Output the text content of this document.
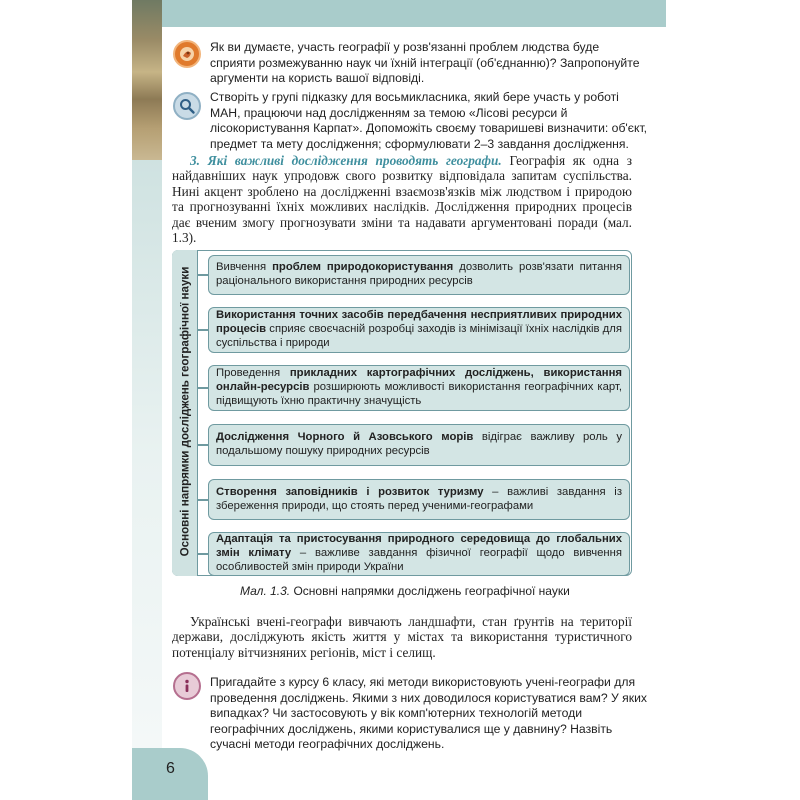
Як ви думаєте, участь географії у розв'язанні проблем людства буде сприяти розмежуванню наук чи їхній інтеграції (об'єднанню)? Запропонуйте аргументи на користь вашої відповіді.
Створіть у групі підказку для восьмикласника, який бере участь у роботі МАН, працюючи над дослідженням за темою «Лісові ресурси й лісокористування Карпат». Допоможіть своєму товаришеві визначити: об'єкт, предмет та мету дослідження; сформулювати 2–3 завдання дослідження.
3. Які важливі дослідження проводять географи. Географія як одна з найдавніших наук упродовж свого розвитку відповідала запитам суспільства. Нині акцент зроблено на дослідженні взаємозв'язків між людством і природою та прогнозуванні їхніх можливих наслідків. Дослідження природних процесів дає вченим змогу прогнозувати зміни та надавати аргументовані поради (мал. 1.3).
Основні напрямки досліджень географічної науки Вивчення проблем природокористування дозволить розв'язати питання раціонального використання природних ресурсів
Використання точних засобів передбачення несприятливих природних процесів сприяє своєчасній розробці заходів із мінімізації їхніх наслідків для суспільства і природи
Проведення прикладних картографічних досліджень, використання онлайн-ресурсів розширюють можливості використання географічних карт, підвищують їхню практичну значущість
Дослідження Чорного й Азовського морів відіграє важливу роль у подальшому пошуку природних ресурсів
Створення заповідників і розвиток туризму – важливі завдання із збереження природи, що стоять перед ученими-географами
Адаптація та пристосування природного середовища до глобальних змін клімату – важливе завдання фізичної географії щодо вивчення особливостей змін природи України
Мал. 1.3. Основні напрямки досліджень географічної науки
Українські вчені-географи вивчають ландшафти, стан ґрунтів на території держави, досліджують якість життя у містах та використання туристичного потенціалу вітчизняних регіонів, міст і селищ.
Пригадайте з курсу 6 класу, які методи використовують учені-географи для проведення досліджень. Якими з них доводилося користуватися вам? У яких випадках? Чи застосовують у вік комп'ютерних технологій методи географічних досліджень, якими користувалися ще у давнину? Назвіть сучасні методи географічних досліджень.
6
